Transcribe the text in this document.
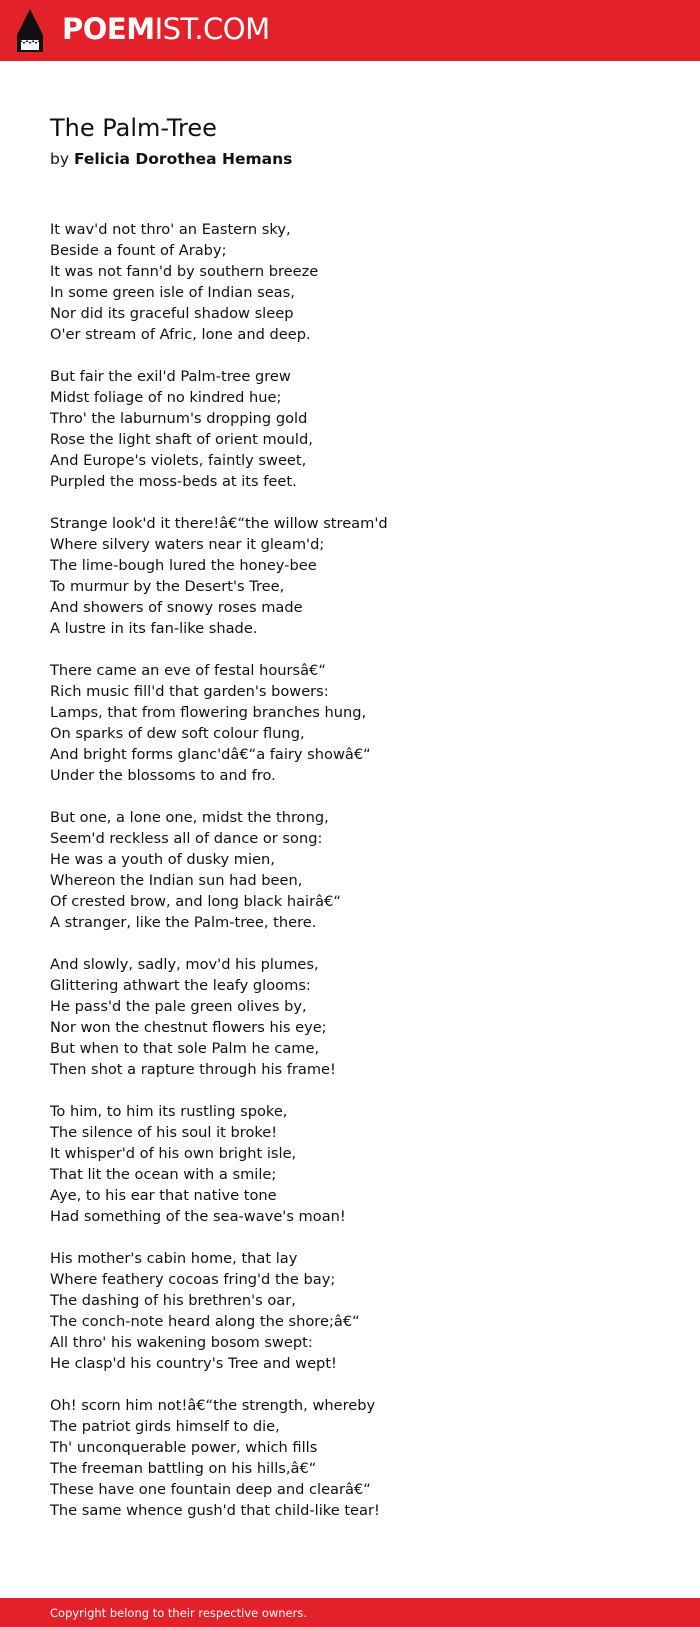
POEMIST.COM
The Palm-Tree
by Felicia Dorothea Hemans
It wav'd not thro' an Eastern sky,
Beside a fount of Araby;
It was not fann'd by southern breeze
In some green isle of Indian seas,
Nor did its graceful shadow sleep
O'er stream of Afric, lone and deep.
But fair the exil'd Palm-tree grew
Midst foliage of no kindred hue;
Thro' the laburnum's dropping gold
Rose the light shaft of orient mould,
And Europe's violets, faintly sweet,
Purpled the moss-beds at its feet.
Strange look'd it there!â€“the willow stream'd
Where silvery waters near it gleam'd;
The lime-bough lured the honey-bee
To murmur by the Desert's Tree,
And showers of snowy roses made
A lustre in its fan-like shade.
There came an eve of festal hoursâ€“
Rich music fill'd that garden's bowers:
Lamps, that from flowering branches hung,
On sparks of dew soft colour flung,
And bright forms glanc'dâ€“a fairy showâ€“
Under the blossoms to and fro.
But one, a lone one, midst the throng,
Seem'd reckless all of dance or song:
He was a youth of dusky mien,
Whereon the Indian sun had been,
Of crested brow, and long black hairâ€“
A stranger, like the Palm-tree, there.
And slowly, sadly, mov'd his plumes,
Glittering athwart the leafy glooms:
He pass'd the pale green olives by,
Nor won the chestnut flowers his eye;
But when to that sole Palm he came,
Then shot a rapture through his frame!
To him, to him its rustling spoke,
The silence of his soul it broke!
It whisper'd of his own bright isle,
That lit the ocean with a smile;
Aye, to his ear that native tone
Had something of the sea-wave's moan!
His mother's cabin home, that lay
Where feathery cocoas fring'd the bay;
The dashing of his brethren's oar,
The conch-note heard along the shore;â€“
All thro' his wakening bosom swept:
He clasp'd his country's Tree and wept!
Oh! scorn him not!â€“the strength, whereby
The patriot girds himself to die,
Th' unconquerable power, which fills
The freeman battling on his hills,â€“
These have one fountain deep and clearâ€“
The same whence gush'd that child-like tear!
Copyright belong to their respective owners.
